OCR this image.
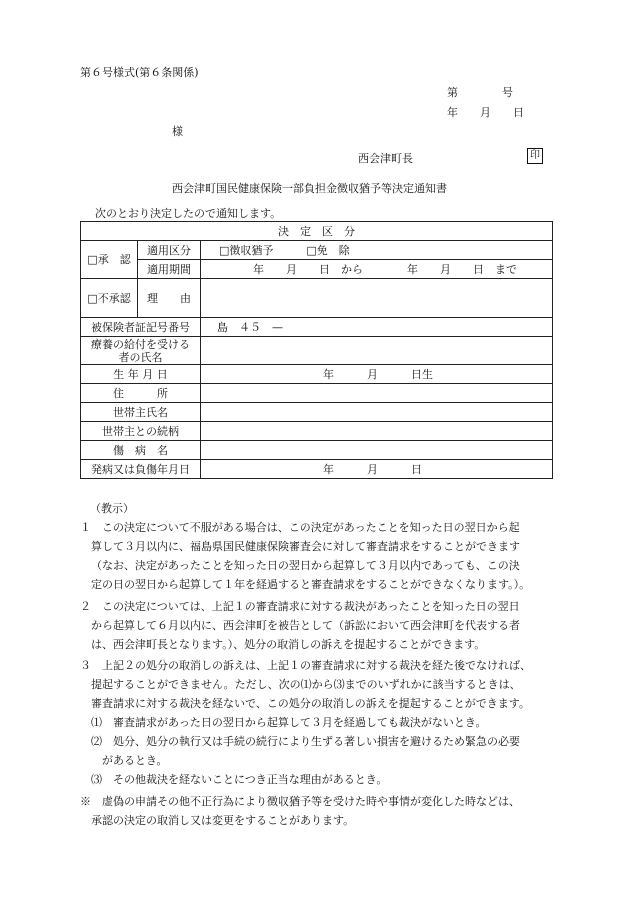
第６号様式(第６条関係)
第　　　　号
年　　月　　日
様
西会津町長	印
西会津町国民健康保険一部負担金徴収猶予等決定通知書
次のとおり決定したので通知します。
決　定　区　分		
□承　認	適用区分	□徴収猶予　　　□免　除
	適用期間	年　　月　　日　から　　　　年　　月　　日　まで
□不承認	理　　由	
被保険者証記号番号		島　４５　—
療養の給付を受ける者の氏名		
生 年 月 日		年　　　月　　　日生
住　　　所		
世帯主氏名		
世帯主との続柄		
傷　病　名		
発病又は負傷年月日		年　　　月　　　日
（教示）
１　この決定について不服がある場合は、この決定があったことを知った日の翌日から起
算して３月以内に、福島県国民健康保険審査会に対して審査請求をすることができます
（なお、決定があったことを知った日の翌日から起算して３月以内であっても、この決
定の日の翌日から起算して１年を経過すると審査請求をすることができなくなります。）。
２　この決定については、上記１の審査請求に対する裁決があったことを知った日の翌日
から起算して６月以内に、西会津町を被告として（訴訟において西会津町を代表する者
は、西会津町長となります。）、処分の取消しの訴えを提起することができます。
３　上記２の処分の取消しの訴えは、上記１の審査請求に対する裁決を経た後でなければ、
提起することができません。ただし、次の⑴から⑶までのいずれかに該当するときは、
審査請求に対する裁決を経ないで、この処分の取消しの訴えを提起することができます。
⑴　審査請求があった日の翌日から起算して３月を経過しても裁決がないとき。
⑵　処分、処分の執行又は手続の続行により生ずる著しい損害を避けるため緊急の必要
があるとき。
⑶　その他裁決を経ないことにつき正当な理由があるとき。
※　虚偽の申請その他不正行為により徴収猶予等を受けた時や事情が変化した時などは、
承認の決定の取消し又は変更をすることがあります。
